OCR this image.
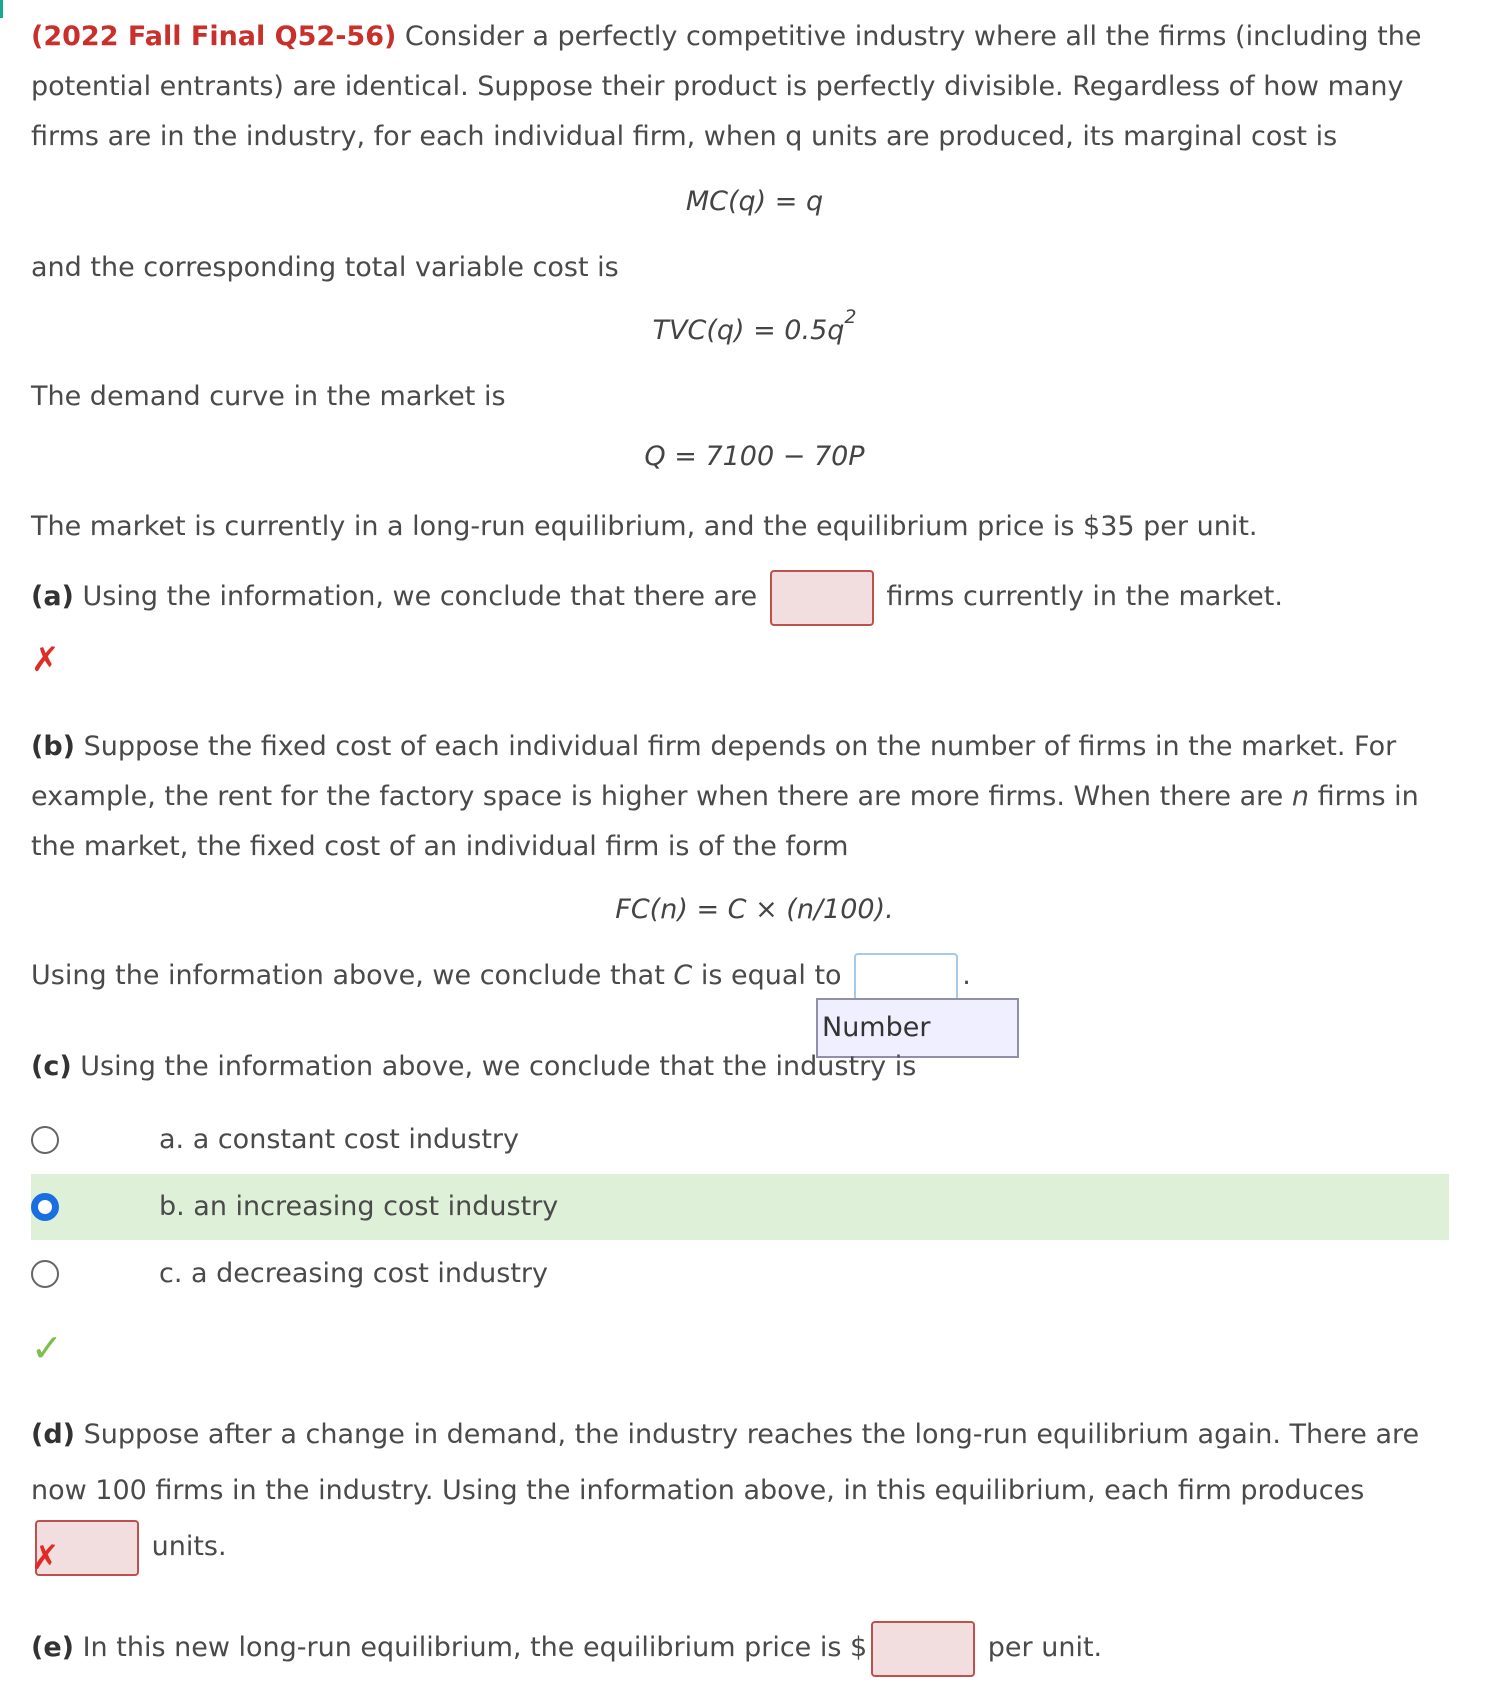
(2022 Fall Final Q52-56) Consider a perfectly competitive industry where all the firms (including the potential entrants) are identical. Suppose their product is perfectly divisible. Regardless of how many firms are in the industry, for each individual firm, when q units are produced, its marginal cost is

MC(q) = q

and the corresponding total variable cost is

$TVC(q) = 0.5q^2$

The demand curve in the market is

Q = 7100 − 70P

The market is currently in a long-run equilibrium, and the equilibrium price is $35 per unit.

(a) Using the information, we conclude that there are	firms currently in the market.

✗

(b) Suppose the fixed cost of each individual firm depends on the number of firms in the market. For example, the rent for the factory space is higher when there are more firms. When there are n firms in the market, the fixed cost of an individual firm is of the form

FC(n) = C × (n/100).

Using the information above, we conclude that C is equal to	.

Number

(c) Using the information above, we conclude that the industry is

a. a constant cost industry
b. an increasing cost industry
c. a decreasing cost industry
✓

(d) Suppose after a change in demand, the industry reaches the long-run equilibrium again. There are now 100 firms in the industry. Using the information above, in this equilibrium, each firm produces  units.

✗

(e) In this new long-run equilibrium, the equilibrium price is $	per unit.
